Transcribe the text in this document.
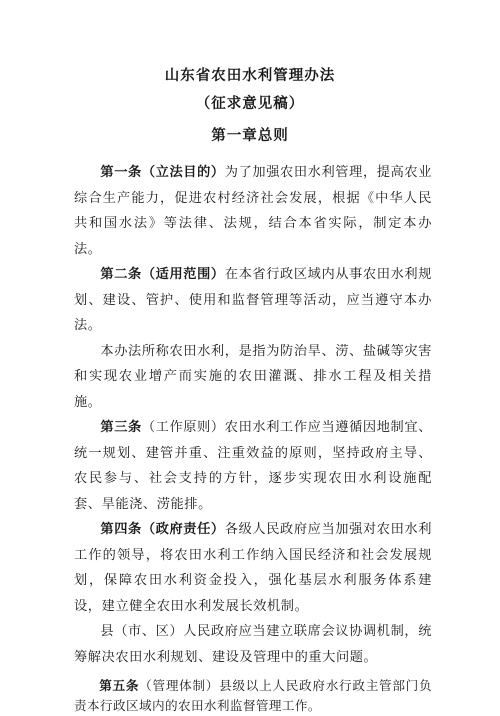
山东省农田水利管理办法
（征求意见稿）
第一章总则

第一条（立法目的）为了加强农田水利管理，提高农业综合生产能力，促进农村经济社会发展，根据《中华人民共和国水法》等法律、法规，结合本省实际，制定本办法。

第二条（适用范围）在本省行政区域内从事农田水利规划、建设、管护、使用和监督管理等活动，应当遵守本办法。

本办法所称农田水利，是指为防治旱、涝、盐碱等灾害和实现农业增产而实施的农田灌溉、排水工程及相关措施。

第三条（工作原则）农田水利工作应当遵循因地制宜、统一规划、建管并重、注重效益的原则，坚持政府主导、农民参与、社会支持的方针，逐步实现农田水利设施配套、旱能浇、涝能排。

第四条（政府责任）各级人民政府应当加强对农田水利工作的领导，将农田水利工作纳入国民经济和社会发展规划，保障农田水利资金投入，强化基层水利服务体系建设，建立健全农田水利发展长效机制。

县（市、区）人民政府应当建立联席会议协调机制，统筹解决农田水利规划、建设及管理中的重大问题。

第五条（管理体制）县级以上人民政府水行政主管部门负责本行政区域内的农田水利监督管理工作。
